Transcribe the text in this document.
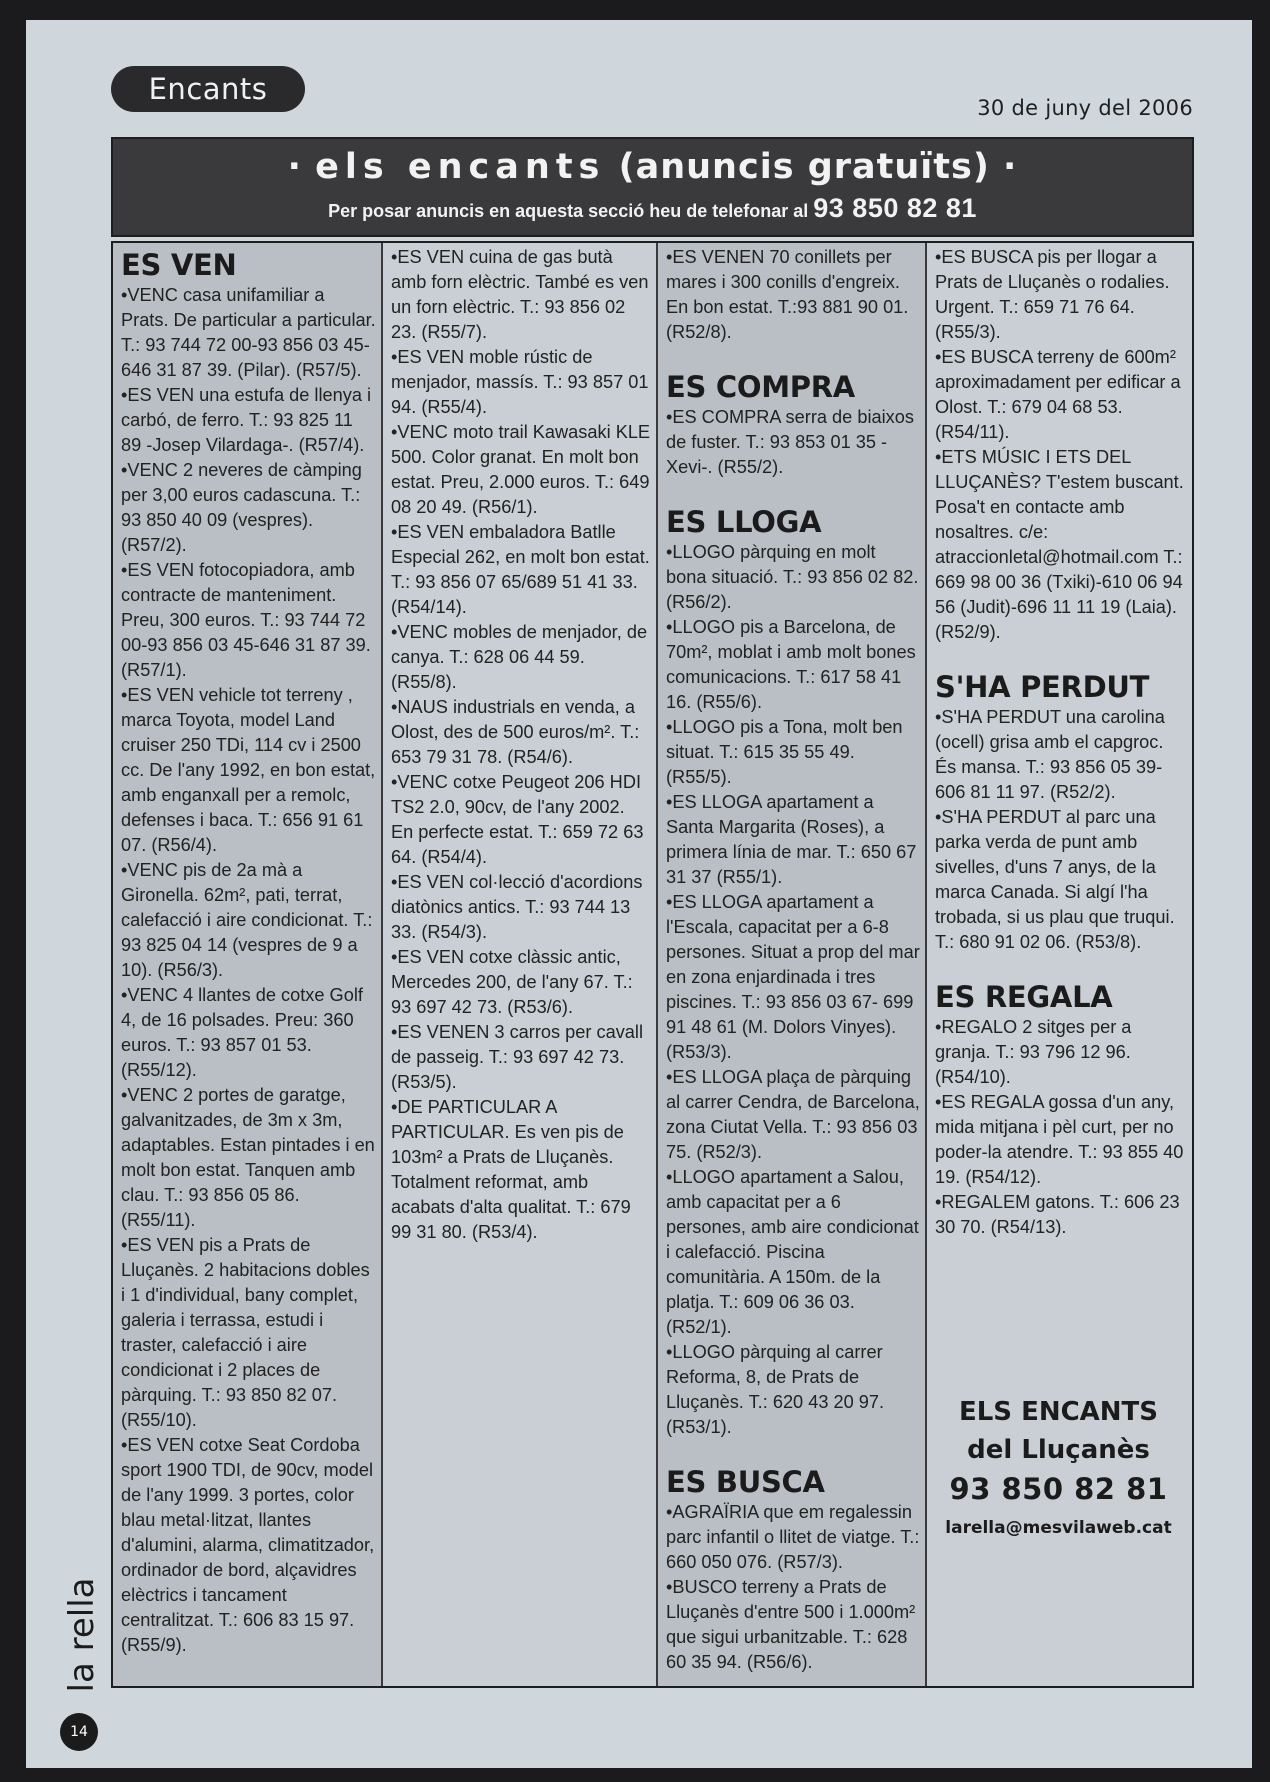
Encants
30 de juny del 2006
· els encants (anuncis gratuïts) ·
Per posar anuncis en aquesta secció heu de telefonar al 93 850 82 81
ES VEN

•VENC casa unifamiliar a Prats. De particular a particular. T.: 93 744 72 00-93 856 03 45-646 31 87 39. (Pilar). (R57/5).

•ES VEN una estufa de llenya i carbó, de ferro. T.: 93 825 11 89 -Josep Vilardaga-. (R57/4).

•VENC 2 neveres de càmping per 3,00 euros cadascuna. T.: 93 850 40 09 (vespres). (R57/2).

•ES VEN fotocopiadora, amb contracte de manteniment. Preu, 300 euros. T.: 93 744 72 00-93 856 03 45-646 31 87 39. (R57/1).

•ES VEN vehicle tot terreny , marca Toyota, model Land cruiser 250 TDi, 114 cv i 2500 cc. De l'any 1992, en bon estat, amb enganxall per a remolc, defenses i baca. T.: 656 91 61 07. (R56/4).

•VENC pis de 2a mà a Gironella. 62m², pati, terrat, calefacció i aire condicionat. T.: 93 825 04 14 (vespres de 9 a 10). (R56/3).

•VENC 4 llantes de cotxe Golf 4, de 16 polsades. Preu: 360 euros. T.: 93 857 01 53. (R55/12).

•VENC 2 portes de garatge, galvanitzades, de 3m x 3m, adaptables. Estan pintades i en molt bon estat. Tanquen amb clau. T.: 93 856 05 86. (R55/11).

•ES VEN pis a Prats de Lluçanès. 2 habitacions dobles i 1 d'individual, bany complet, galeria i terrassa, estudi i traster, calefacció i aire condicionat i 2 places de pàrquing. T.: 93 850 82 07. (R55/10).

•ES VEN cotxe Seat Cordoba sport 1900 TDI, de 90cv, model de l'any 1999. 3 portes, color blau metal·litzat, llantes d'alumini, alarma, climatitzador, ordinador de bord, alçavidres elèctrics i tancament centralitzat. T.: 606 83 15 97. (R55/9).

•ES VEN cuina de gas butà amb forn elèctric. També es ven un forn elèctric. T.: 93 856 02 23. (R55/7).

•ES VEN moble rústic de menjador, massís. T.: 93 857 01 94. (R55/4).

•VENC moto trail Kawasaki KLE 500. Color granat. En molt bon estat. Preu, 2.000 euros. T.: 649 08 20 49. (R56/1).

•ES VEN embaladora Batlle Especial 262, en molt bon estat. T.: 93 856 07 65/689 51 41 33. (R54/14).

•VENC mobles de menjador, de canya. T.: 628 06 44 59. (R55/8).

•NAUS industrials en venda, a Olost, des de 500 euros/m². T.: 653 79 31 78. (R54/6).

•VENC cotxe Peugeot 206 HDI TS2 2.0, 90cv, de l'any 2002. En perfecte estat. T.: 659 72 63 64. (R54/4).

•ES VEN col·lecció d'acordions diatònics antics. T.: 93 744 13 33. (R54/3).

•ES VEN cotxe clàssic antic, Mercedes 200, de l'any 67. T.: 93 697 42 73. (R53/6).

•ES VENEN 3 carros per cavall de passeig. T.: 93 697 42 73. (R53/5).

•DE PARTICULAR A PARTICULAR. Es ven pis de 103m² a Prats de Lluçanès. Totalment reformat, amb acabats d'alta qualitat. T.: 679 99 31 80. (R53/4).

•ES VENEN 70 conillets per mares i 300 conills d'engreix. En bon estat. T.:93 881 90 01. (R52/8).

ES COMPRA

•ES COMPRA serra de biaixos de fuster. T.: 93 853 01 35 -Xevi-. (R55/2).

ES LLOGA

•LLOGO pàrquing en molt bona situació. T.: 93 856 02 82. (R56/2).

•LLOGO pis a Barcelona, de 70m², moblat i amb molt bones comunicacions. T.: 617 58 41 16. (R55/6).

•LLOGO pis a Tona, molt ben situat. T.: 615 35 55 49. (R55/5).

•ES LLOGA apartament a Santa Margarita (Roses), a primera línia de mar. T.: 650 67 31 37 (R55/1).

•ES LLOGA apartament a l'Escala, capacitat per a 6-8 persones. Situat a prop del mar en zona enjardinada i tres piscines. T.: 93 856 03 67- 699 91 48 61 (M. Dolors Vinyes). (R53/3).

•ES LLOGA plaça de pàrquing al carrer Cendra, de Barcelona, zona Ciutat Vella. T.: 93 856 03 75. (R52/3).

•LLOGO apartament a Salou, amb capacitat per a 6 persones, amb aire condicionat i calefacció. Piscina comunitària. A 150m. de la platja. T.: 609 06 36 03. (R52/1).

•LLOGO pàrquing al carrer Reforma, 8, de Prats de Lluçanès. T.: 620 43 20 97. (R53/1).

ES BUSCA

•AGRAÏRIA que em regalessin parc infantil o llitet de viatge. T.: 660 050 076. (R57/3).

•BUSCO terreny a Prats de Lluçanès d'entre 500 i 1.000m² que sigui urbanitzable. T.: 628 60 35 94. (R56/6).

•ES BUSCA pis per llogar a Prats de Lluçanès o rodalies. Urgent. T.: 659 71 76 64. (R55/3).

•ES BUSCA terreny de 600m² aproximadament per edificar a Olost. T.: 679 04 68 53. (R54/11).

•ETS MÚSIC I ETS DEL LLUÇANÈS? T'estem buscant. Posa't en contacte amb nosaltres. c/e: atraccionletal@hotmail.com T.: 669 98 00 36 (Txiki)-610 06 94 56 (Judit)-696 11 11 19 (Laia). (R52/9).

S'HA PERDUT

•S'HA PERDUT una carolina (ocell) grisa amb el capgroc. És mansa. T.: 93 856 05 39-606 81 11 97. (R52/2).

•S'HA PERDUT al parc una parka verda de punt amb sivelles, d'uns 7 anys, de la marca Canada. Si algí l'ha trobada, si us plau que truqui. T.: 680 91 02 06. (R53/8).

ES REGALA

•REGALO 2 sitges per a granja. T.: 93 796 12 96. (R54/10).

•ES REGALA gossa d'un any, mida mitjana i pèl curt, per no poder-la atendre. T.: 93 855 40 19. (R54/12).

•REGALEM gatons. T.: 606 23 30 70. (R54/13).

ELS ENCANTS
del Lluçanès
93 850 82 81
larella@mesvilaweb.cat
la rella
14
